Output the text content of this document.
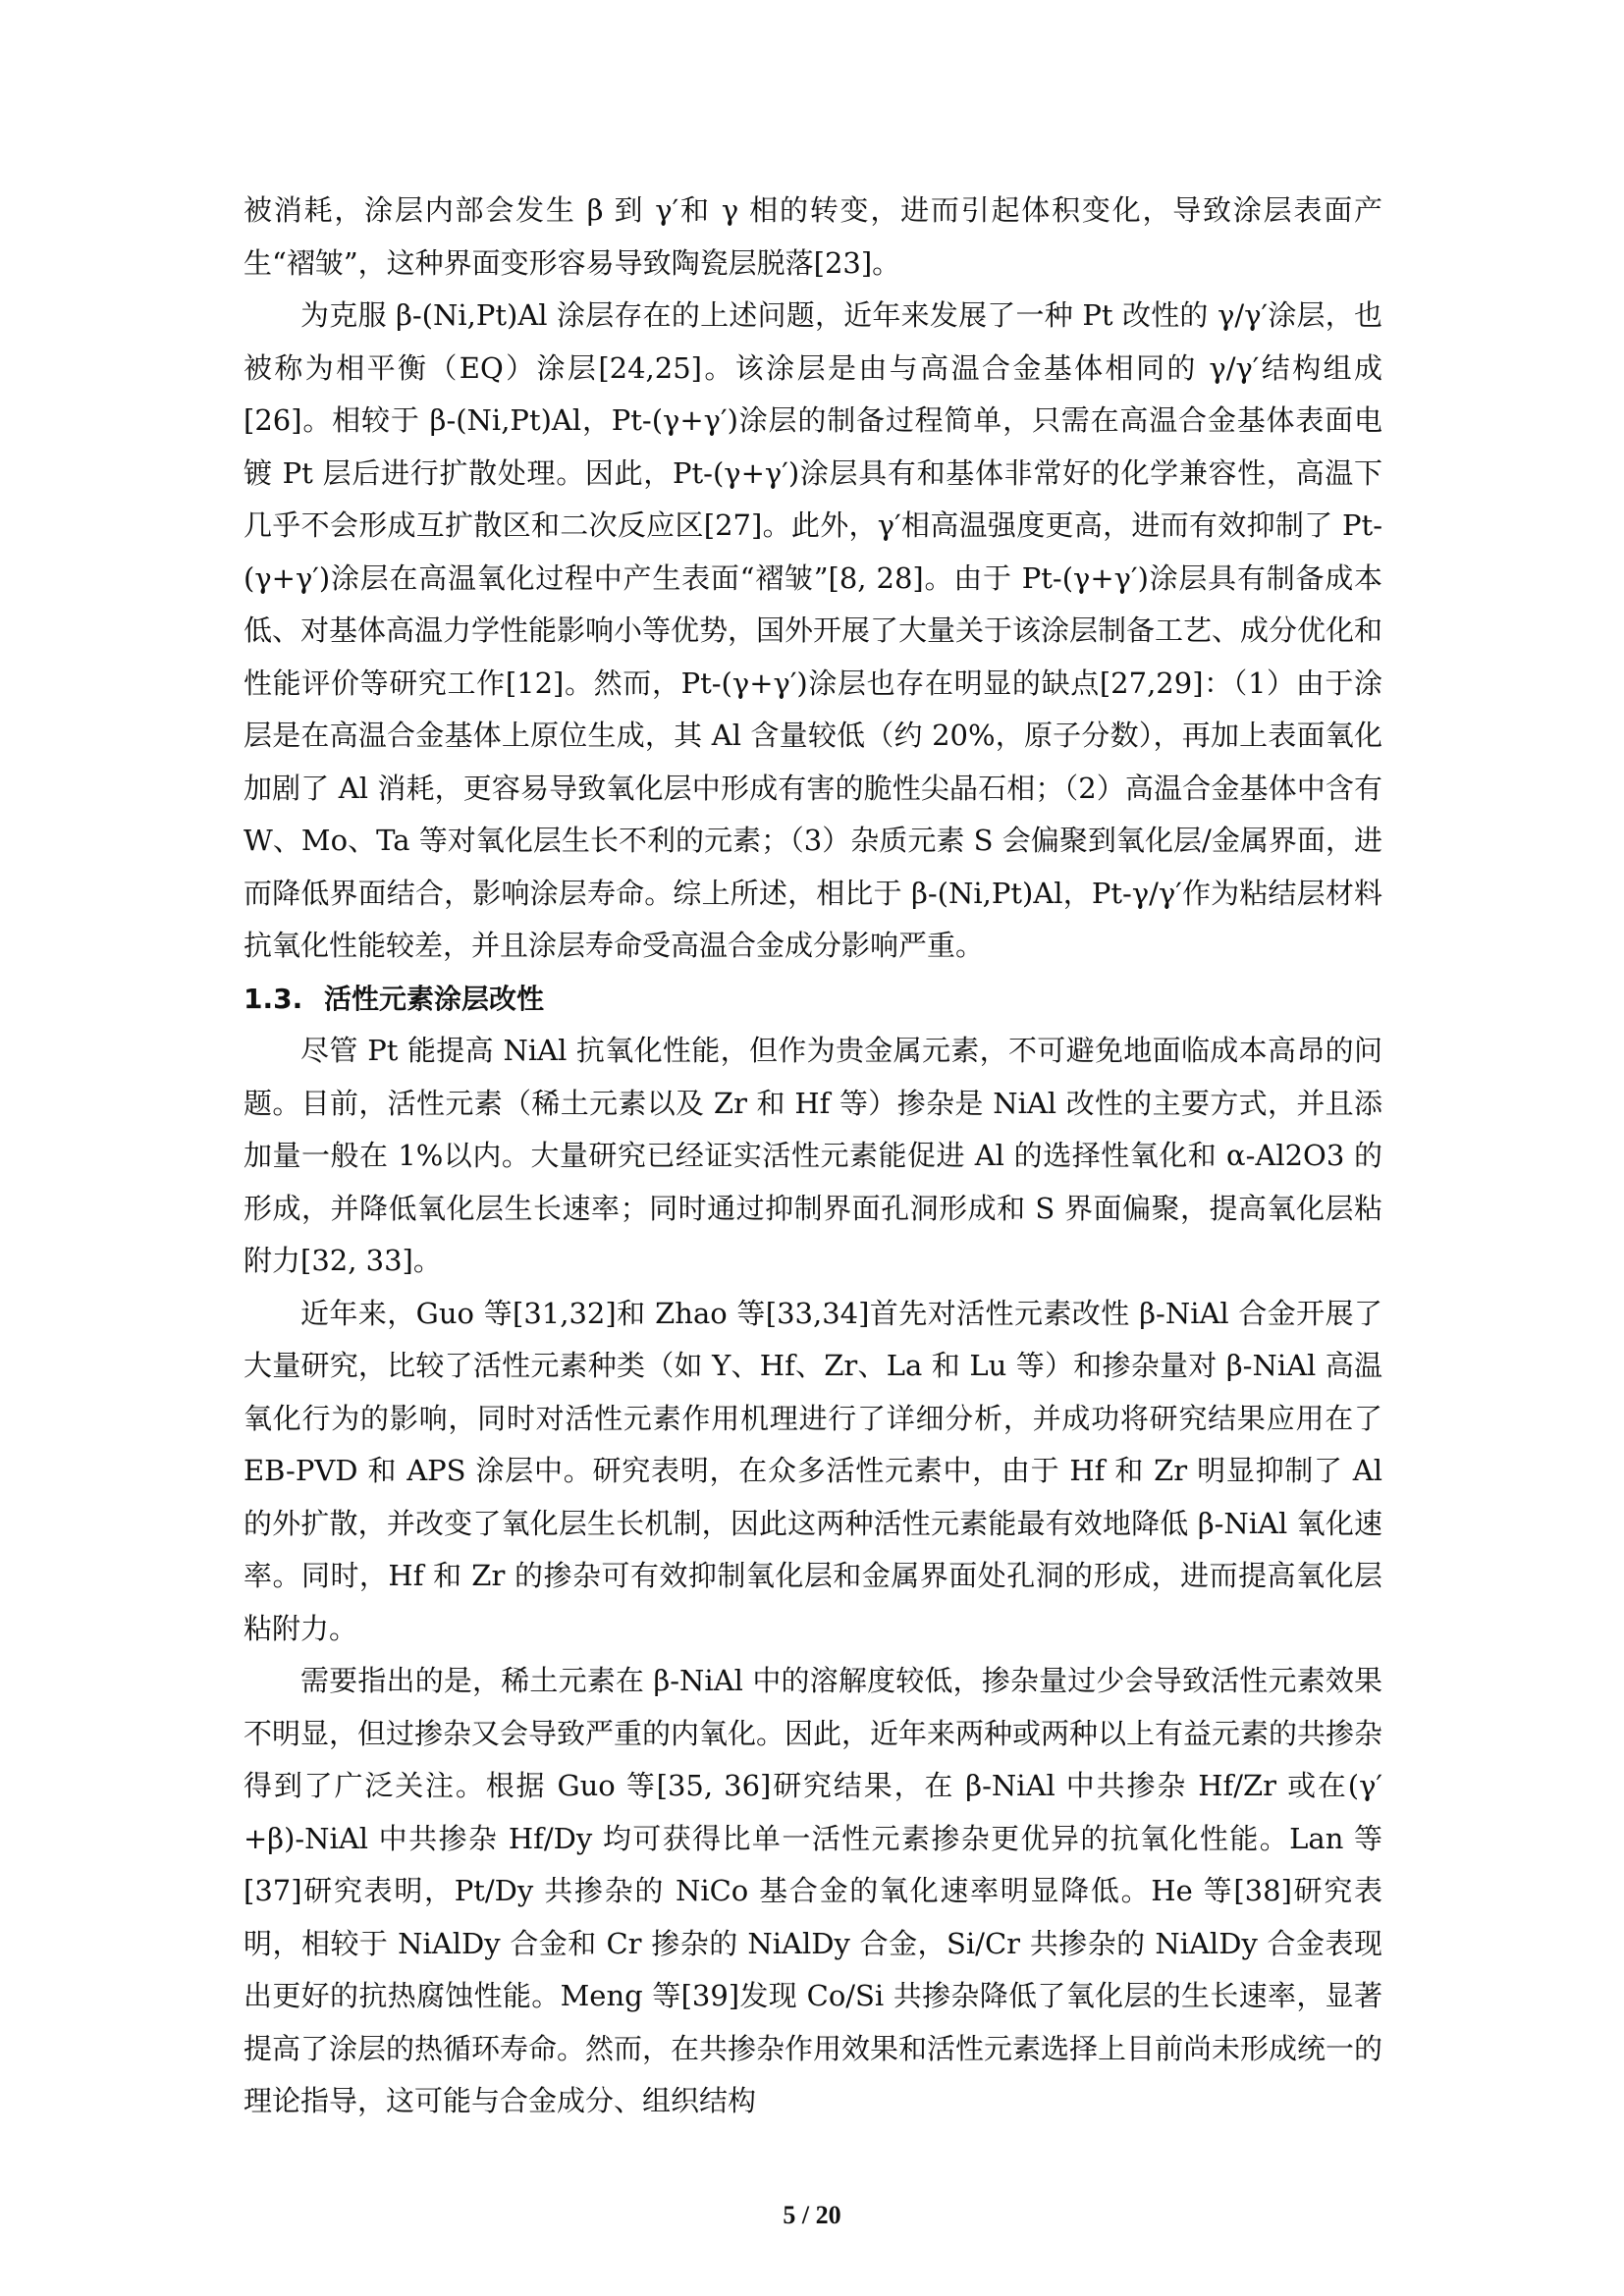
被消耗，涂层内部会发生 β 到 γ′和 γ 相的转变，进而引起体积变化，导致涂层表面产生“褶皱”，这种界面变形容易导致陶瓷层脱落[23]。

为克服 β-(Ni,Pt)Al 涂层存在的上述问题，近年来发展了一种 Pt 改性的 γ/γ′涂层，也被称为相平衡（EQ）涂层[24,25]。该涂层是由与高温合金基体相同的 γ/γ′结构组成[26]。相较于 β-(Ni,Pt)Al，Pt-(γ+γ′)涂层的制备过程简单，只需在高温合金基体表面电镀 Pt 层后进行扩散处理。因此，Pt-(γ+γ′)涂层具有和基体非常好的化学兼容性，高温下几乎不会形成互扩散区和二次反应区[27]。此外，γ′相高温强度更高，进而有效抑制了 Pt-(γ+γ′)涂层在高温氧化过程中产生表面“褶皱”[8, 28]。由于 Pt-(γ+γ′)涂层具有制备成本低、对基体高温力学性能影响小等优势，国外开展了大量关于该涂层制备工艺、成分优化和性能评价等研究工作[12]。然而，Pt-(γ+γ′)涂层也存在明显的缺点[27,29]：（1）由于涂层是在高温合金基体上原位生成，其 Al 含量较低（约 20%，原子分数），再加上表面氧化加剧了 Al 消耗，更容易导致氧化层中形成有害的脆性尖晶石相；（2）高温合金基体中含有 W、Mo、Ta 等对氧化层生长不利的元素；（3）杂质元素 S 会偏聚到氧化层/金属界面，进而降低界面结合，影响涂层寿命。综上所述，相比于 β-(Ni,Pt)Al，Pt-γ/γ′作为粘结层材料抗氧化性能较差，并且涂层寿命受高温合金成分影响严重。

1.3. 活性元素涂层改性

尽管 Pt 能提高 NiAl 抗氧化性能，但作为贵金属元素，不可避免地面临成本高昂的问题。目前，活性元素（稀土元素以及 Zr 和 Hf 等）掺杂是 NiAl 改性的主要方式，并且添加量一般在 1%以内。大量研究已经证实活性元素能促进 Al 的选择性氧化和 α-Al2O3 的形成，并降低氧化层生长速率；同时通过抑制界面孔洞形成和 S 界面偏聚，提高氧化层粘附力[32, 33]。

近年来，Guo 等[31,32]和 Zhao 等[33,34]首先对活性元素改性 β-NiAl 合金开展了大量研究，比较了活性元素种类（如 Y、Hf、Zr、La 和 Lu 等）和掺杂量对 β-NiAl 高温氧化行为的影响，同时对活性元素作用机理进行了详细分析，并成功将研究结果应用在了 EB-PVD 和 APS 涂层中。研究表明，在众多活性元素中，由于 Hf 和 Zr 明显抑制了 Al 的外扩散，并改变了氧化层生长机制，因此这两种活性元素能最有效地降低 β-NiAl 氧化速率。同时，Hf 和 Zr 的掺杂可有效抑制氧化层和金属界面处孔洞的形成，进而提高氧化层粘附力。

需要指出的是，稀土元素在 β-NiAl 中的溶解度较低，掺杂量过少会导致活性元素效果不明显，但过掺杂又会导致严重的内氧化。因此，近年来两种或两种以上有益元素的共掺杂得到了广泛关注。根据 Guo 等[35, 36]研究结果，在 β-NiAl 中共掺杂 Hf/Zr 或在(γ′+β)-NiAl 中共掺杂 Hf/Dy 均可获得比单一活性元素掺杂更优异的抗氧化性能。Lan 等[37]研究表明，Pt/Dy 共掺杂的 NiCo 基合金的氧化速率明显降低。He 等[38]研究表明，相较于 NiAlDy 合金和 Cr 掺杂的 NiAlDy 合金，Si/Cr 共掺杂的 NiAlDy 合金表现出更好的抗热腐蚀性能。Meng 等[39]发现 Co/Si 共掺杂降低了氧化层的生长速率，显著提高了涂层的热循环寿命。然而，在共掺杂作用效果和活性元素选择上目前尚未形成统一的理论指导，这可能与合金成分、组织结构

5 / 20
